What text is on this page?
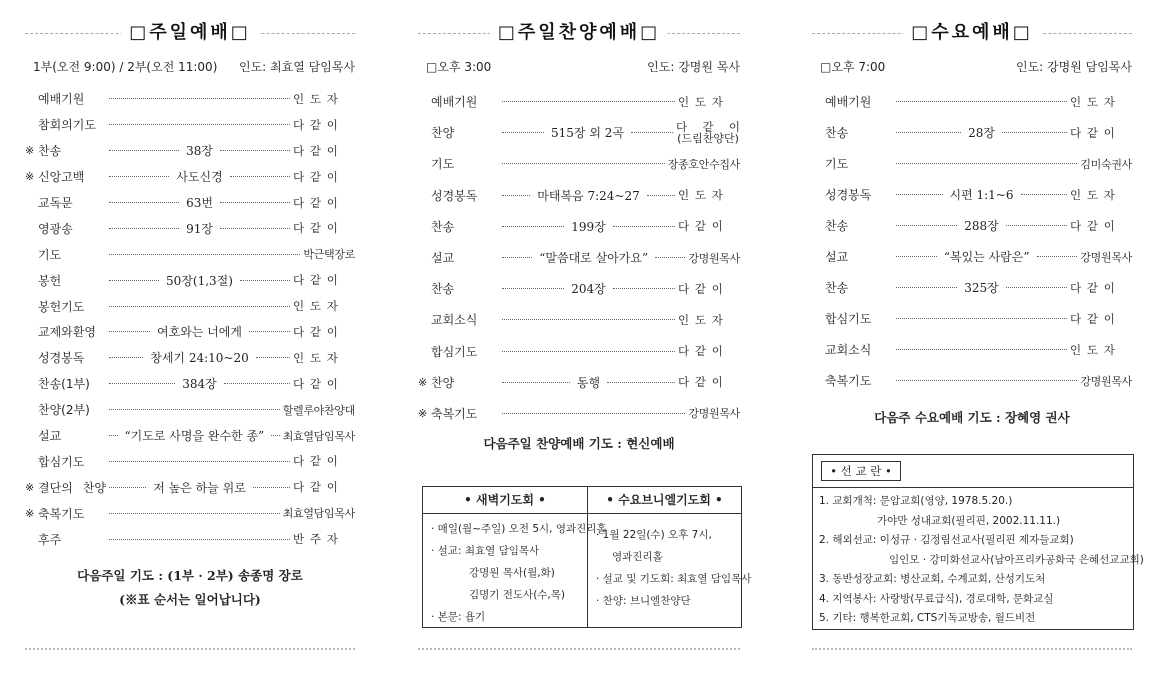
□주일예배□
1부(오전 9:00) / 2부(오전 11:00) 인도: 최효열 담임목사
예배기원	인 도 자
참회의기도	다 같 이
※ 찬송	38장	다 같 이
※ 신앙고백	사도신경	다 같 이
교독문	63번	다 같 이
영광송	91장	다 같 이
기도	박근택장로
봉헌	50장(1,3절)	다 같 이
봉헌기도	인 도 자
교제와환영	여호와는 너에게	다 같 이
성경봉독	창세기 24:10~20	인 도 자
찬송(1부)	384장	다 같 이
찬양(2부)	할렐루야찬양대
설교	“기도로 사명을 완수한 종”	최효열담임목사
합심기도	다 같 이
※ 결단의 찬양	저 높은 하늘 위로	다 같 이
※ 축복기도	최효열담임목사
후주	반 주 자
다음주일 기도 : (1부 · 2부) 송종명 장로
(※표 순서는 일어납니다)
□주일찬양예배□
□오후 3:00	인도: 강명원 목사
예배기원	인 도 자
찬양	515장 외 2곡	다 같 이
(드림찬양단)
기도	장종호안수집사
성경봉독	마태복음 7:24~27	인 도 자
찬송	199장	다 같 이
설교	“말씀대로 살아가요”	강명원목사
찬송	204장	다 같 이
교회소식	인 도 자
합심기도	다 같 이
※ 찬양	동행	다 같 이
※ 축복기도	강명원목사
다음주일 찬양예배 기도 : 현신예배
• 새벽기도회 •
· 매일(월~주일) 오전 5시, 영과진리홀
· 설교: 최효열 담임목사
강명원 목사(월,화)
김명기 전도사(수,목)
· 본문: 욥기
• 수요브니엘기도회 •
· 1월 22일(수) 오후 7시,
영과진리홀
· 설교 및 기도회: 최효열 담임목사
· 찬양: 브니엘찬양단
□수요예배□
□오후 7:00	인도: 강명원 담임목사
예배기원	인 도 자
찬송	28장	다 같 이
기도	김미숙권사
성경봉독	시편 1:1~6	인 도 자
찬송	288장	다 같 이
설교	“복있는 사람은”	강명원목사
찬송	325장	다 같 이
합심기도	다 같 이
교회소식	인 도 자
축복기도	강명원목사
다음주 수요예배 기도 : 장혜영 권사
• 선 교 란 •
1. 교회개척: 문암교회(영양, 1978.5.20.)
가야만 성내교회(필리핀, 2002.11.11.)
2. 해외선교: 이성규 · 김정림선교사(필리핀 제자들교회)
임인모 · 강미화선교사(남아프리카공화국 은혜선교교회)
3. 동반성장교회: 병산교회, 수계교회, 산성기도처
4. 지역봉사: 사랑방(무료급식), 경로대학, 문화교실
5. 기타: 행복한교회, CTS기독교방송, 월드비전
